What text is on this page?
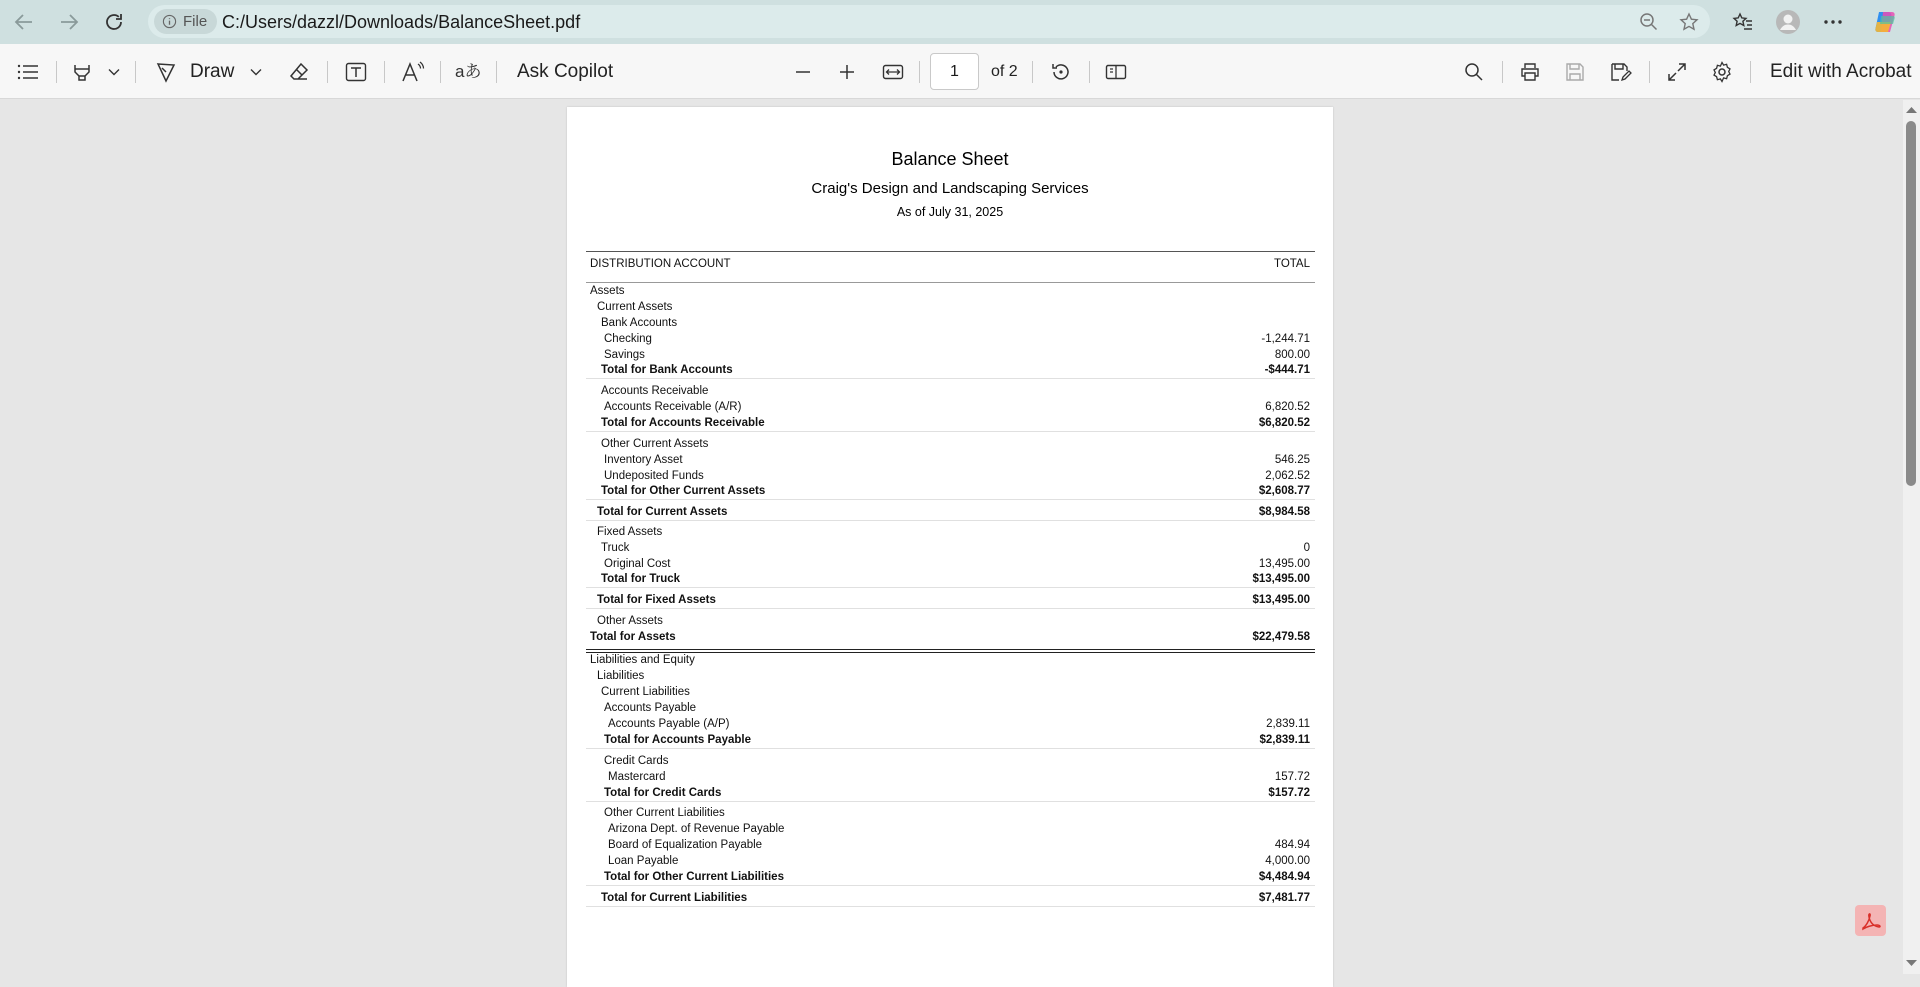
File C:/Users/dazzl/Downloads/BalanceSheet.pdf
Draw	aあ Ask Copilot	1	of 2	Edit with Acrobat
Balance Sheet
Craig's Design and Landscaping Services
As of July 31, 2025
DISTRIBUTION ACCOUNT	TOTAL
Assets
Current Assets
Bank Accounts
Checking	-1,244.71
Savings	800.00
Total for Bank Accounts	-$444.71
Accounts Receivable
Accounts Receivable (A/R)	6,820.52
Total for Accounts Receivable	$6,820.52
Other Current Assets
Inventory Asset	546.25
Undeposited Funds	2,062.52
Total for Other Current Assets	$2,608.77
Total for Current Assets	$8,984.58
Fixed Assets
Truck	0
Original Cost	13,495.00
Total for Truck	$13,495.00
Total for Fixed Assets	$13,495.00
Other Assets
Total for Assets	$22,479.58
Liabilities and Equity
Liabilities
Current Liabilities
Accounts Payable
Accounts Payable (A/P)	2,839.11
Total for Accounts Payable	$2,839.11
Credit Cards
Mastercard	157.72
Total for Credit Cards	$157.72
Other Current Liabilities
Arizona Dept. of Revenue Payable
Board of Equalization Payable	484.94
Loan Payable	4,000.00
Total for Other Current Liabilities	$4,484.94
Total for Current Liabilities	$7,481.77
